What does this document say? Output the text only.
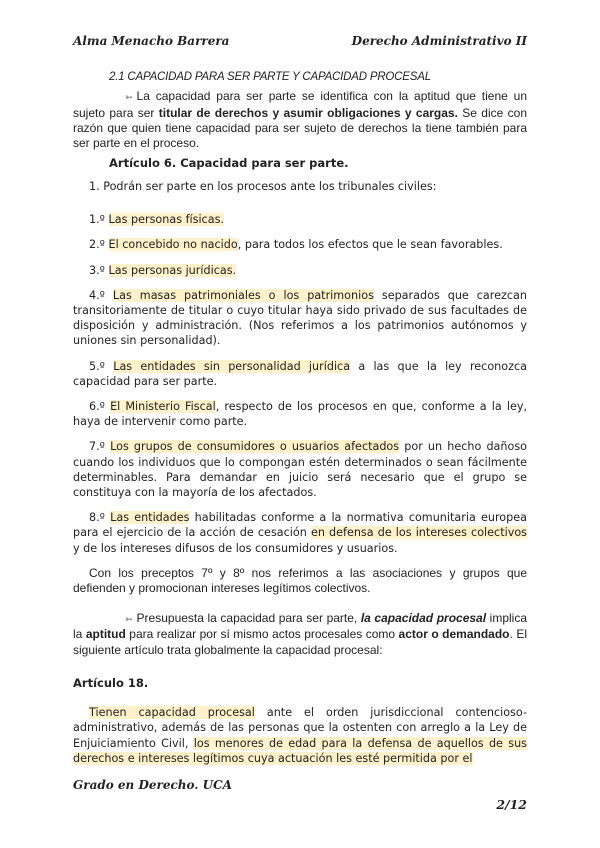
Alma Menacho Barrera	Derecho Administrativo II
2.1 CAPACIDAD PARA SER PARTE Y CAPACIDAD PROCESAL

➳ La capacidad para ser parte se identifica con la aptitud que tiene un sujeto para ser titular de derechos y asumir obligaciones y cargas. Se dice con razón que quien tiene capacidad para ser sujeto de derechos la tiene también para ser parte en el proceso.

Artículo 6. Capacidad para ser parte.
1. Podrán ser parte en los procesos ante los tribunales civiles:
1.º Las personas físicas.
2.º El concebido no nacido, para todos los efectos que le sean favorables.
3.º Las personas jurídicas.
4.º Las masas patrimoniales o los patrimonios separados que carezcan transitoriamente de titular o cuyo titular haya sido privado de sus facultades de disposición y administración. (Nos referimos a los patrimonios autónomos y uniones sin personalidad).
5.º Las entidades sin personalidad jurídica a las que la ley reconozca capacidad para ser parte.
6.º El Ministerio Fiscal, respecto de los procesos en que, conforme a la ley, haya de intervenir como parte.
7.º Los grupos de consumidores o usuarios afectados por un hecho dañoso cuando los individuos que lo compongan estén determinados o sean fácilmente determinables. Para demandar en juicio será necesario que el grupo se constituya con la mayoría de los afectados.
8.º Las entidades habilitadas conforme a la normativa comunitaria europea para el ejercicio de la acción de cesación en defensa de los intereses colectivos y de los intereses difusos de los consumidores y usuarios.

Con los preceptos 7º y 8º nos referimos a las asociaciones y grupos que defienden y promocionan intereses legítimos colectivos.

➳ Presupuesta la capacidad para ser parte, la capacidad procesal implica la aptitud para realizar por sí mismo actos procesales como actor o demandado. El siguiente artículo trata globalmente la capacidad procesal:

Artículo 18.
Tienen capacidad procesal ante el orden jurisdiccional contencioso-administrativo, además de las personas que la ostenten con arreglo a la Ley de Enjuiciamiento Civil, los menores de edad para la defensa de aquellos de sus derechos e intereses legítimos cuya actuación les esté permitida por el
Grado en Derecho. UCA
2/12
